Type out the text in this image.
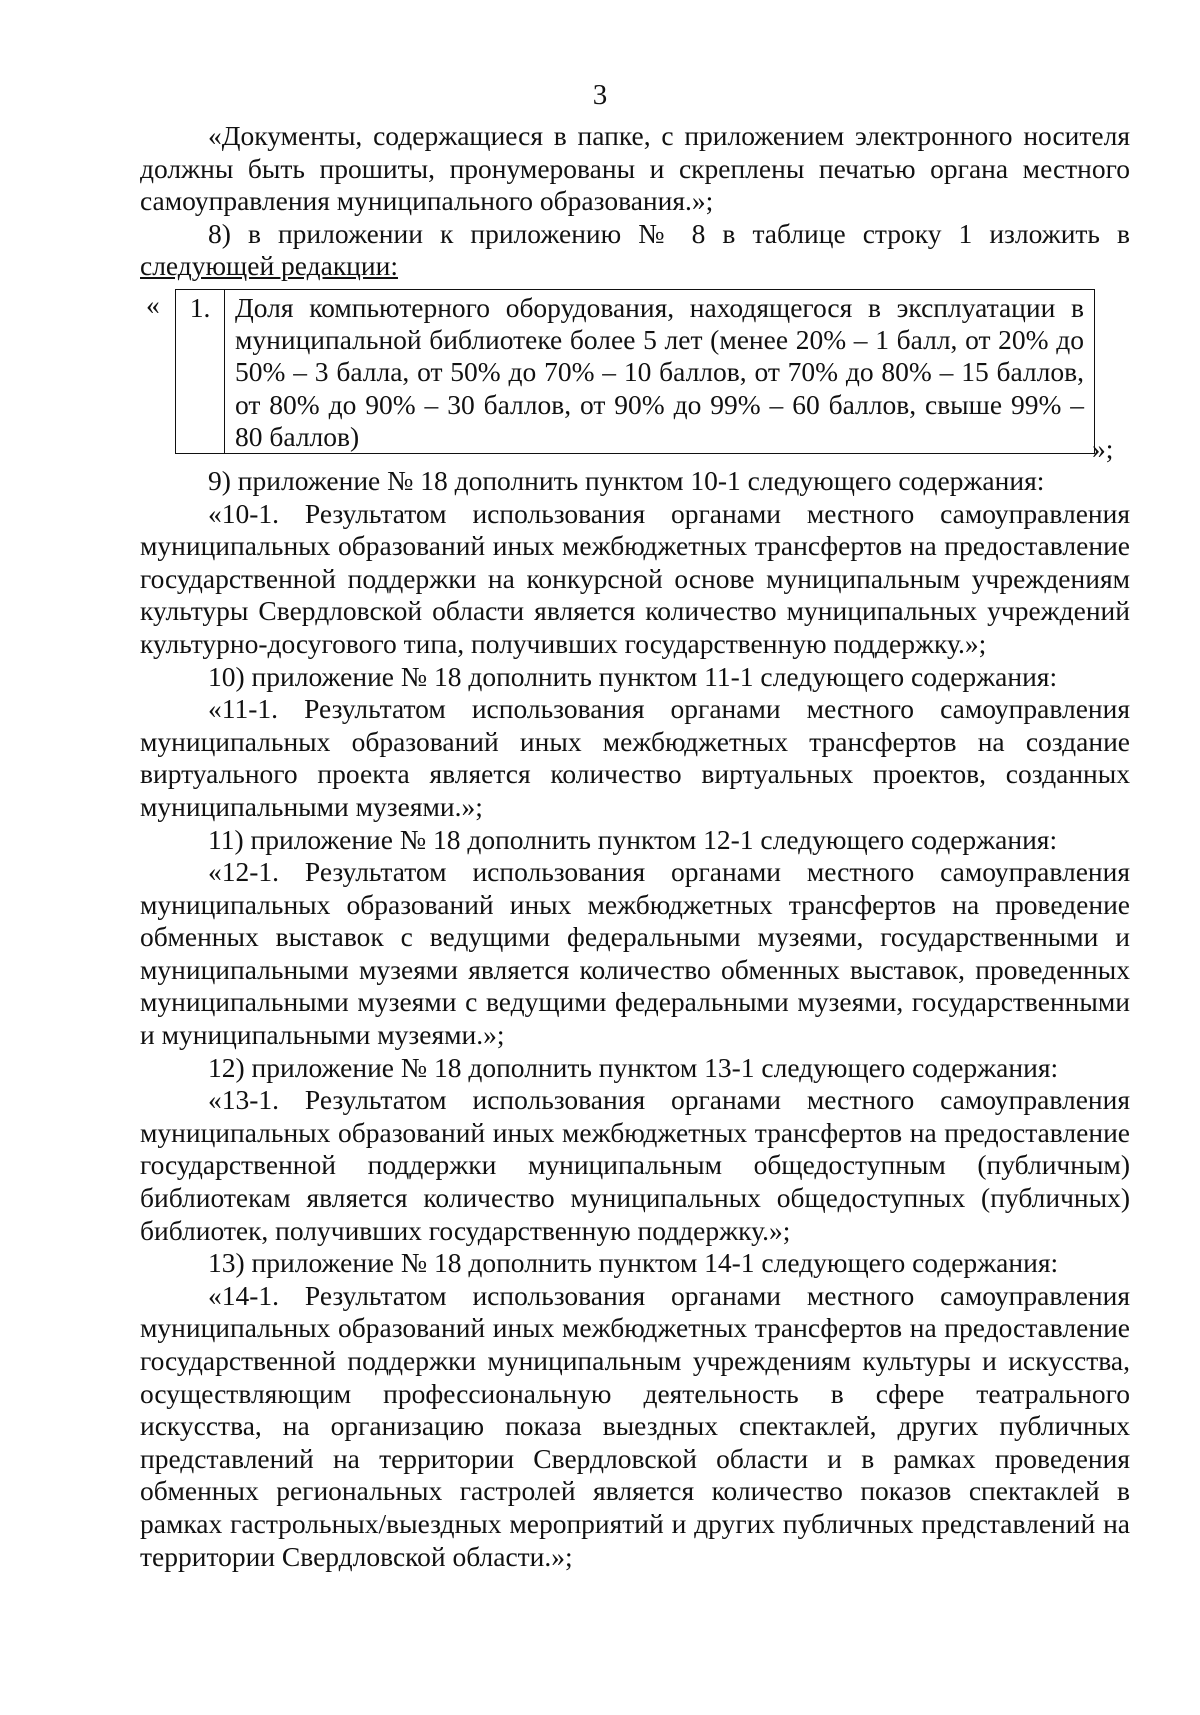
3

«Документы, содержащиеся в папке, с приложением электронного носителя должны быть прошиты, пронумерованы и скреплены печатью органа местного самоуправления муниципального образования.»;

8) в приложении к приложению № 8 в таблице строку 1 изложить в следующей редакции:

« 1.	Доля компьютерного оборудования, находящегося в эксплуатации в муниципальной библиотеке более 5 лет (менее 20% – 1 балл, от 20% до 50% – 3 балла, от 50% до 70% – 10 баллов, от 70% до 80% – 15 баллов, от 80% до 90% – 30 баллов, от 90% до 99% – 60 баллов, свыше 99% – 80 баллов)	»;

9) приложение № 18 дополнить пунктом 10-1 следующего содержания:

«10-1. Результатом использования органами местного самоуправления муниципальных образований иных межбюджетных трансфертов на предоставление государственной поддержки на конкурсной основе муниципальным учреждениям культуры Свердловской области является количество муниципальных учреждений культурно-досугового типа, получивших государственную поддержку.»;

10) приложение № 18 дополнить пунктом 11-1 следующего содержания:

«11-1. Результатом использования органами местного самоуправления муниципальных образований иных межбюджетных трансфертов на создание виртуального проекта является количество виртуальных проектов, созданных муниципальными музеями.»;

11) приложение № 18 дополнить пунктом 12-1 следующего содержания:

«12-1. Результатом использования органами местного самоуправления муниципальных образований иных межбюджетных трансфертов на проведение обменных выставок с ведущими федеральными музеями, государственными и муниципальными музеями является количество обменных выставок, проведенных муниципальными музеями с ведущими федеральными музеями, государственными и муниципальными музеями.»;

12) приложение № 18 дополнить пунктом 13-1 следующего содержания:

«13-1. Результатом использования органами местного самоуправления муниципальных образований иных межбюджетных трансфертов на предоставление государственной поддержки муниципальным общедоступным (публичным) библиотекам является количество муниципальных общедоступных (публичных) библиотек, получивших государственную поддержку.»;

13) приложение № 18 дополнить пунктом 14-1 следующего содержания:

«14-1. Результатом использования органами местного самоуправления муниципальных образований иных межбюджетных трансфертов на предоставление государственной поддержки муниципальным учреждениям культуры и искусства, осуществляющим профессиональную деятельность в сфере театрального искусства, на организацию показа выездных спектаклей, других публичных представлений на территории Свердловской области и в рамках проведения обменных региональных гастролей является количество показов спектаклей в рамках гастрольных/выездных мероприятий и других публичных представлений на территории Свердловской области.»;
